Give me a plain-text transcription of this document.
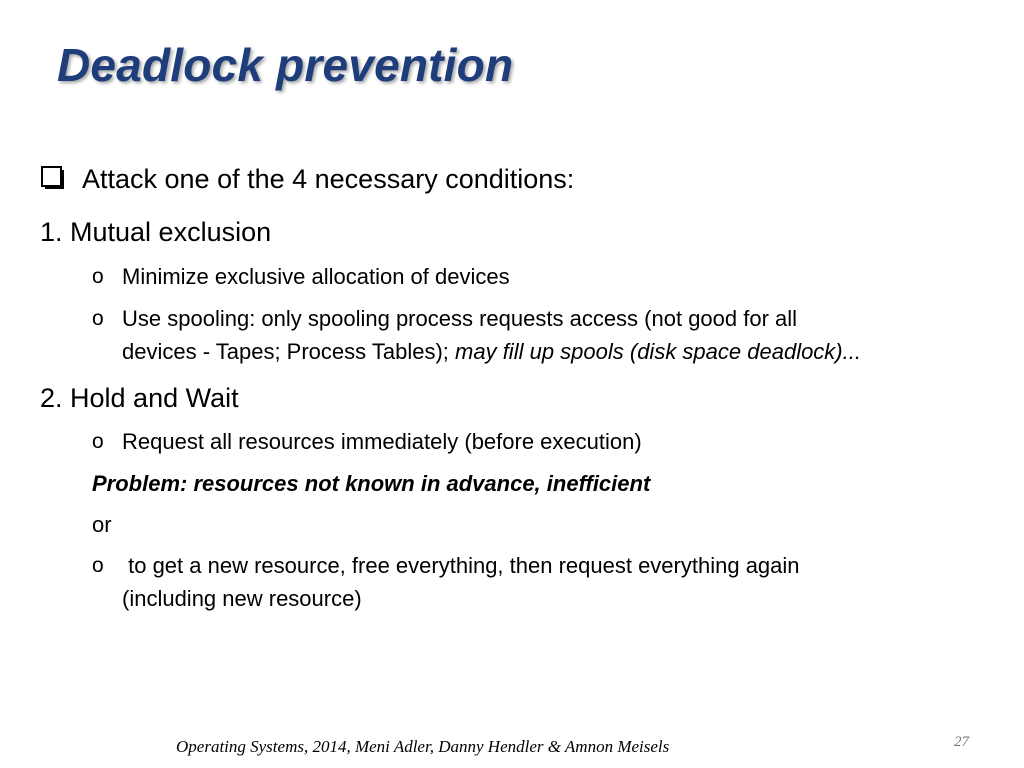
Deadlock prevention
Attack one of the 4 necessary conditions:
1. Mutual exclusion
o Minimize exclusive allocation of devices
o Use spooling: only spooling process requests access (not good for all
devices - Tapes; Process Tables); may fill up spools (disk space deadlock)...
2. Hold and Wait
o Request all resources immediately (before execution)
Problem: resources not known in advance, inefficient
or
o to get a new resource, free everything, then request everything again
(including new resource)
Operating Systems, 2014, Meni Adler, Danny Hendler & Amnon Meisels	27
